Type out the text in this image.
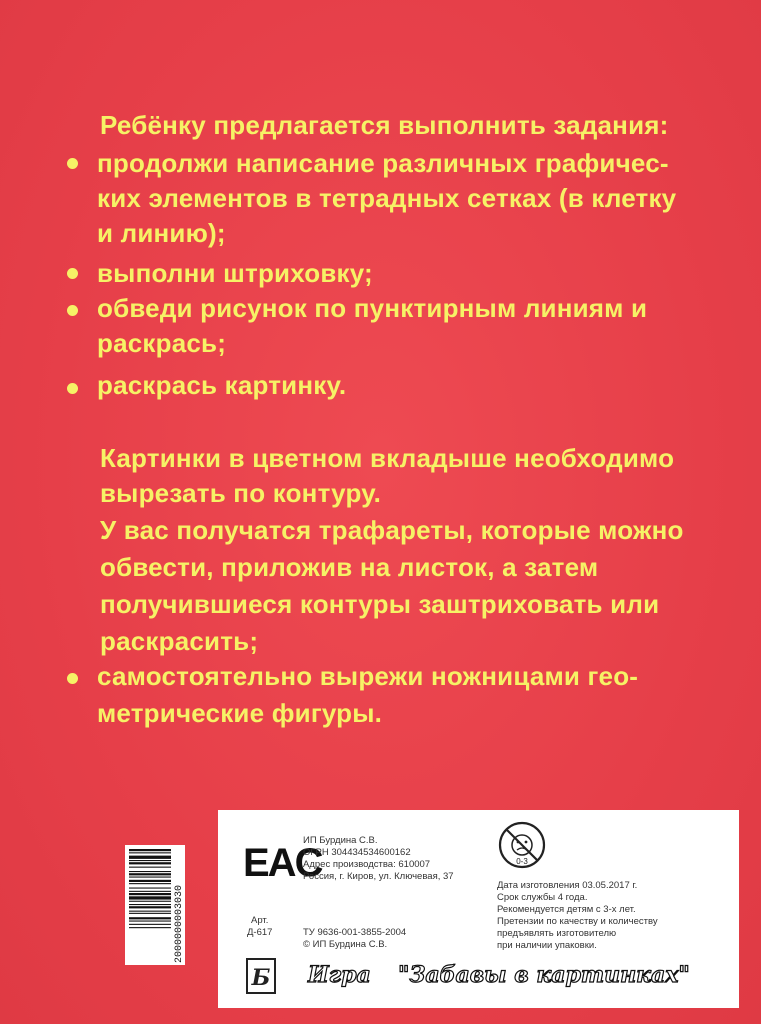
Ребёнку предлагается выполнить задания:
продолжи написание различных графичес-
ких элементов в тетрадных сетках (в клетку
и линию);
выполни штриховку;
обведи рисунок по пунктирным линиям и
раскрась;
раскрась картинку.
Картинки в цветном вкладыше необходимо
вырезать по контуру.
У вас получатся трафареты, которые можно
обвести, приложив на листок, а затем
получившиеся контуры заштриховать или
раскрасить;
самостоятельно вырежи ножницами гео-
метрические фигуры.
2000000003030
EAC
ИП Бурдина С.В.
ОГРН 304434534600162
Адрес производства: 610007
Россия, г. Киров, ул. Ключевая, 37
0-3
Дата изготовления 03.05.2017 г.
Срок службы 4 года.
Рекомендуется детям с 3-х лет.
Претензии по качеству и количеству
предъявлять изготовителю
при наличии упаковки.
Арт.
Д-617	ТУ 9636-001-3855-2004
© ИП Бурдина С.В.
Б Игра "Забавы в картинках"
